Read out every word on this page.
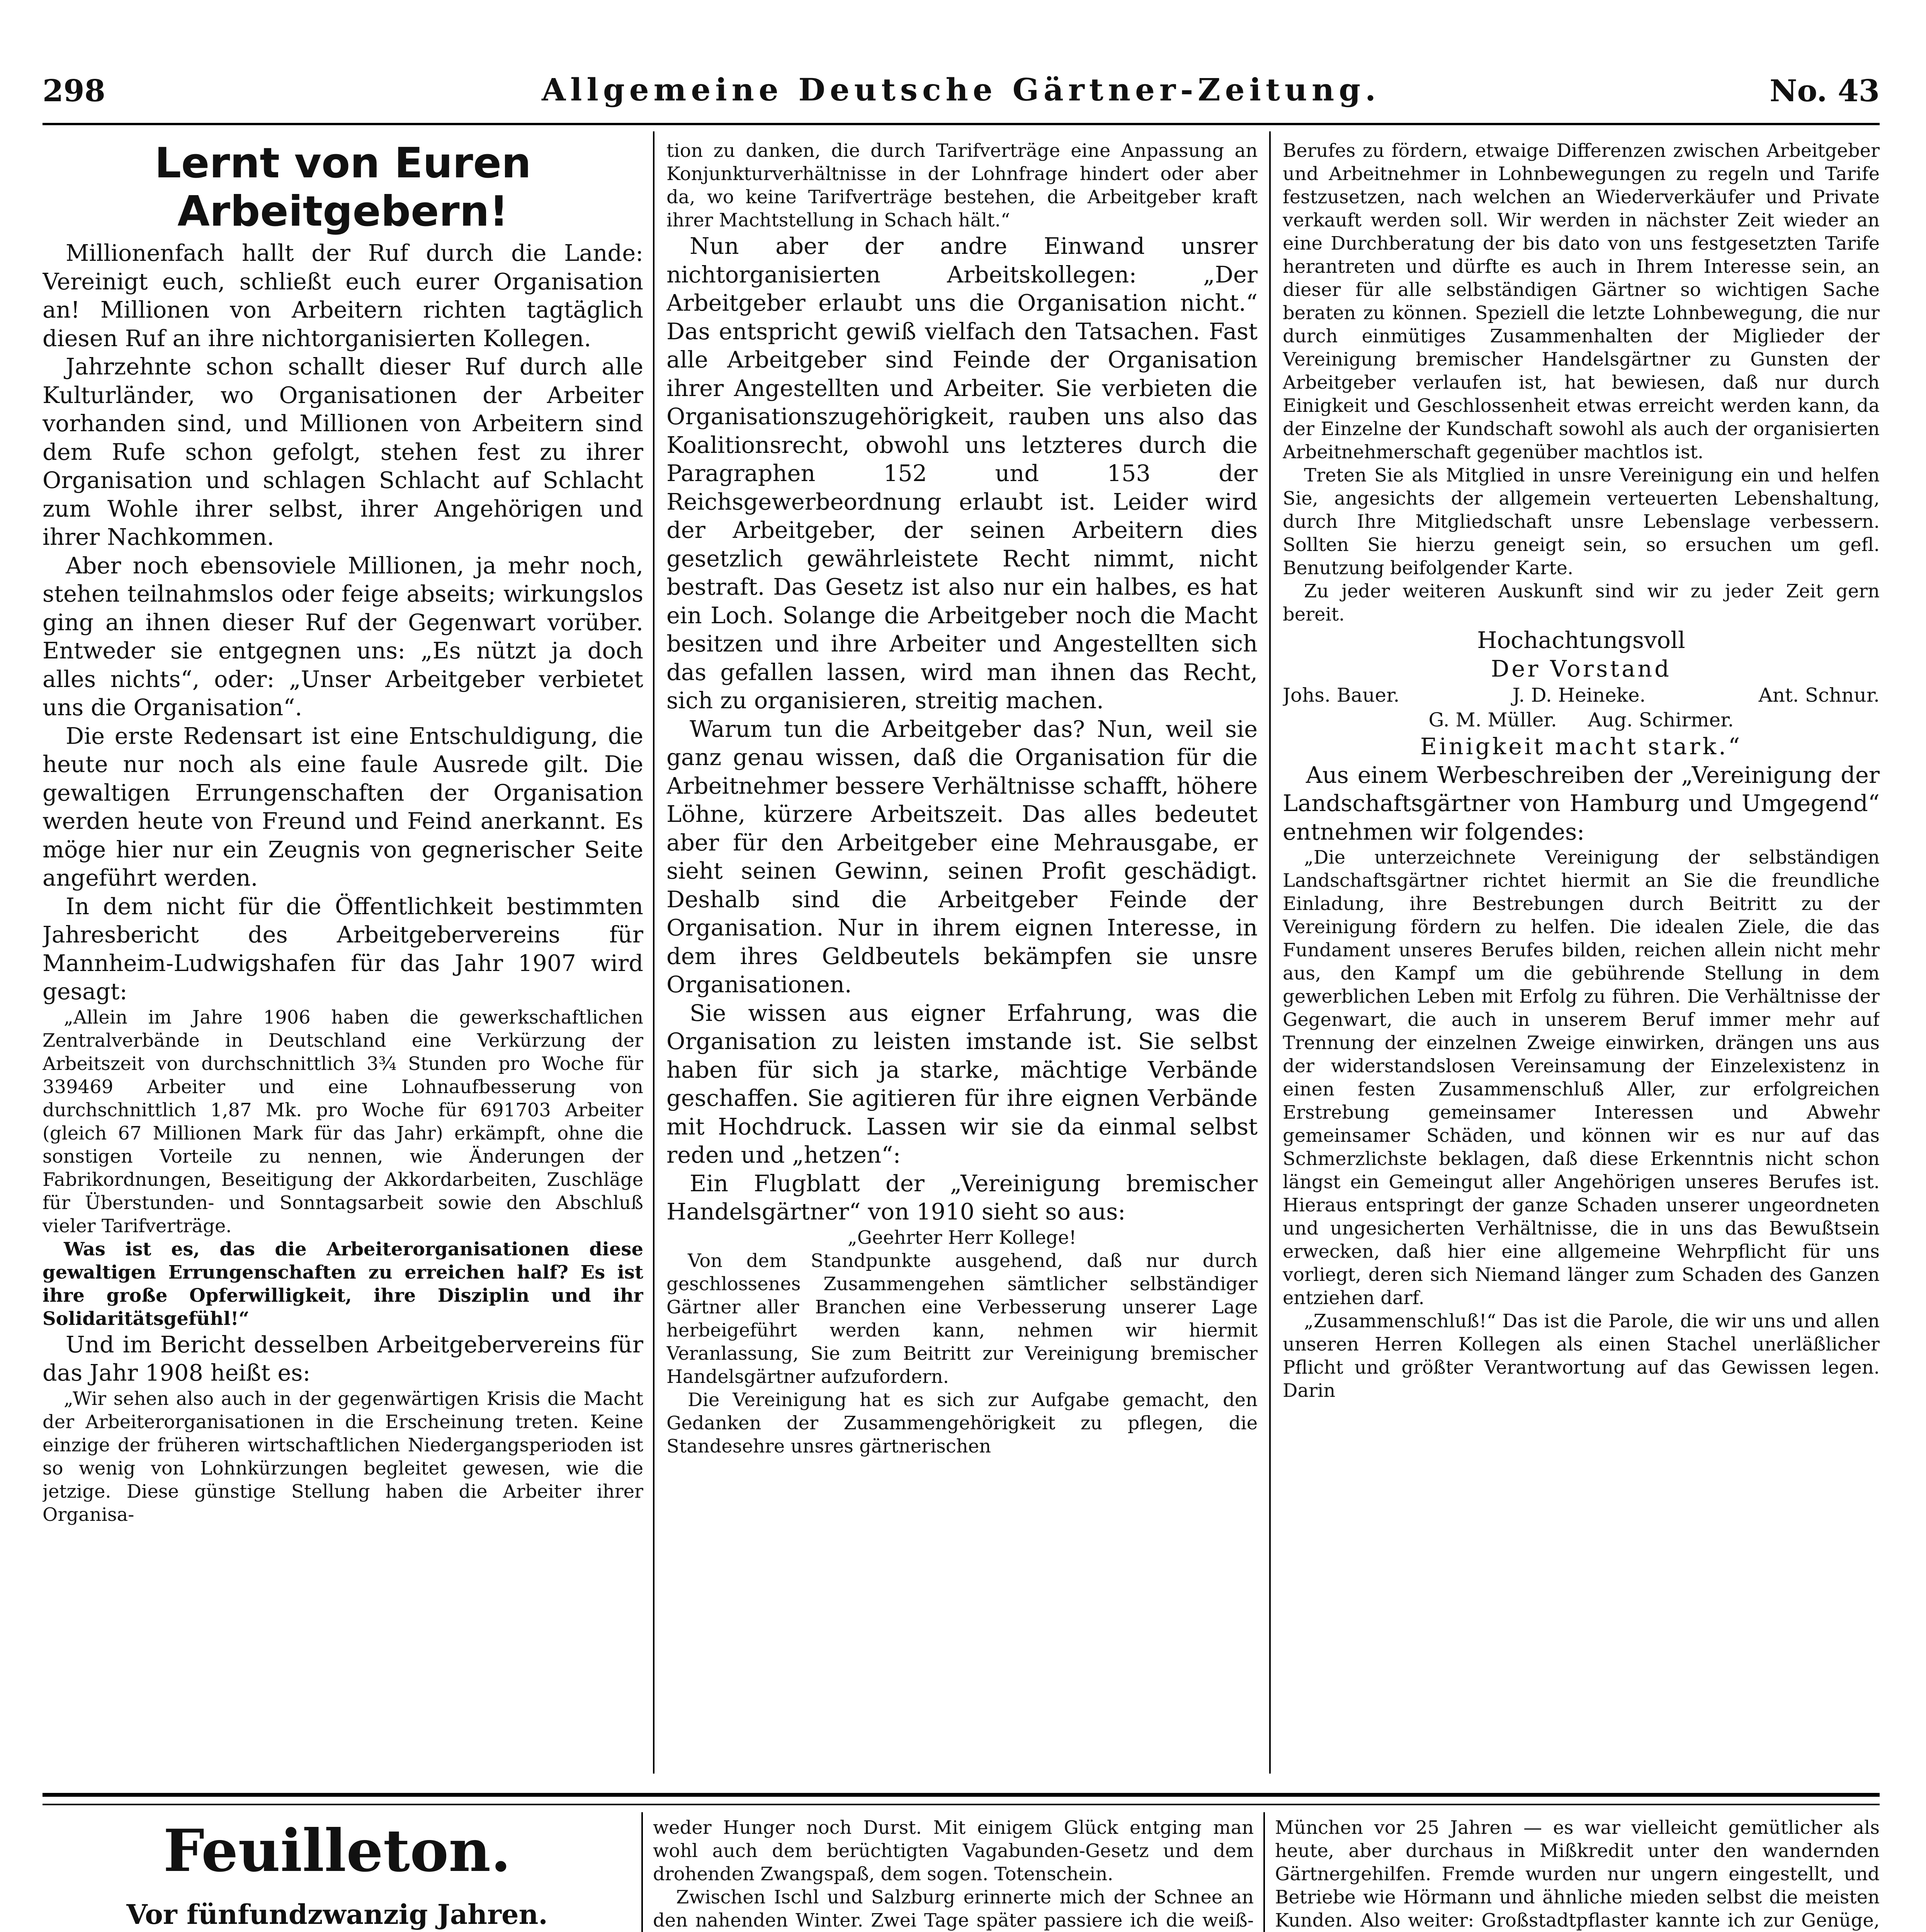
298	Allgemeine Deutsche Gärtner-Zeitung.	No. 43
Lernt von Euren Arbeitgebern!

Millionenfach hallt der Ruf durch die Lande: Vereinigt euch, schließt euch eurer Organisation an! Millionen von Arbeitern richten tagtäglich diesen Ruf an ihre nichtorganisierten Kollegen.

Jahrzehnte schon schallt dieser Ruf durch alle Kulturländer, wo Organisationen der Arbeiter vorhanden sind, und Millionen von Arbeitern sind dem Rufe schon gefolgt, stehen fest zu ihrer Organisation und schlagen Schlacht auf Schlacht zum Wohle ihrer selbst, ihrer Angehörigen und ihrer Nachkommen.

Aber noch ebensoviele Millionen, ja mehr noch, stehen teilnahmslos oder feige abseits; wirkungslos ging an ihnen dieser Ruf der Gegenwart vorüber. Entweder sie entgegnen uns: „Es nützt ja doch alles nichts“, oder: „Unser Arbeitgeber verbietet uns die Organisation“.

Die erste Redensart ist eine Entschuldigung, die heute nur noch als eine faule Ausrede gilt. Die gewaltigen Errungenschaften der Organisation werden heute von Freund und Feind anerkannt. Es möge hier nur ein Zeugnis von gegnerischer Seite angeführt werden.

In dem nicht für die Öffentlichkeit bestimmten Jahresbericht des Arbeitgebervereins für Mannheim-Ludwigshafen für das Jahr 1907 wird gesagt:

„Allein im Jahre 1906 haben die gewerkschaftlichen Zentralverbände in Deutschland eine Verkürzung der Arbeitszeit von durchschnittlich 3¾ Stunden pro Woche für 339469 Arbeiter und eine Lohnaufbesserung von durchschnittlich 1,87 Mk. pro Woche für 691703 Arbeiter (gleich 67 Millionen Mark für das Jahr) erkämpft, ohne die sonstigen Vorteile zu nennen, wie Änderungen der Fabrikordnungen, Beseitigung der Akkordarbeiten, Zuschläge für Überstunden- und Sonntagsarbeit sowie den Abschluß vieler Tarifverträge.

Was ist es, das die Arbeiterorganisationen diese gewaltigen Errungenschaften zu erreichen half? Es ist ihre große Opferwilligkeit, ihre Disziplin und ihr Solidaritätsgefühl!“

Und im Bericht desselben Arbeitgebervereins für das Jahr 1908 heißt es:

„Wir sehen also auch in der gegenwärtigen Krisis die Macht der Arbeiterorganisationen in die Erscheinung treten. Keine einzige der früheren wirtschaftlichen Niedergangsperioden ist so wenig von Lohnkürzungen begleitet gewesen, wie die jetzige. Diese günstige Stellung haben die Arbeiter ihrer Organisa-

tion zu danken, die durch Tarifverträge eine Anpassung an Konjunkturverhältnisse in der Lohnfrage hindert oder aber da, wo keine Tarifverträge bestehen, die Arbeitgeber kraft ihrer Machtstellung in Schach hält.“

Nun aber der andre Einwand unsrer nichtorganisierten Arbeitskollegen: „Der Arbeitgeber erlaubt uns die Organisation nicht.“ Das entspricht gewiß vielfach den Tatsachen. Fast alle Arbeitgeber sind Feinde der Organisation ihrer Angestellten und Arbeiter. Sie verbieten die Organisationszugehörigkeit, rauben uns also das Koalitionsrecht, obwohl uns letzteres durch die Paragraphen 152 und 153 der Reichsgewerbeordnung erlaubt ist. Leider wird der Arbeitgeber, der seinen Arbeitern dies gesetzlich gewährleistete Recht nimmt, nicht bestraft. Das Gesetz ist also nur ein halbes, es hat ein Loch. Solange die Arbeitgeber noch die Macht besitzen und ihre Arbeiter und Angestellten sich das gefallen lassen, wird man ihnen das Recht, sich zu organisieren, streitig machen.

Warum tun die Arbeitgeber das? Nun, weil sie ganz genau wissen, daß die Organisation für die Arbeitnehmer bessere Verhältnisse schafft, höhere Löhne, kürzere Arbeitszeit. Das alles bedeutet aber für den Arbeitgeber eine Mehrausgabe, er sieht seinen Gewinn, seinen Profit geschädigt. Deshalb sind die Arbeitgeber Feinde der Organisation. Nur in ihrem eignen Interesse, in dem ihres Geldbeutels bekämpfen sie unsre Organisationen.

Sie wissen aus eigner Erfahrung, was die Organisation zu leisten imstande ist. Sie selbst haben für sich ja starke, mächtige Verbände geschaffen. Sie agitieren für ihre eignen Verbände mit Hochdruck. Lassen wir sie da einmal selbst reden und „hetzen“:

Ein Flugblatt der „Vereinigung bremischer Handelsgärtner“ von 1910 sieht so aus:

„Geehrter Herr Kollege!

Von dem Standpunkte ausgehend, daß nur durch geschlossenes Zusammengehen sämtlicher selbständiger Gärtner aller Branchen eine Verbesserung unserer Lage herbeigeführt werden kann, nehmen wir hiermit Veranlassung, Sie zum Beitritt zur Vereinigung bremischer Handelsgärtner aufzufordern.

Die Vereinigung hat es sich zur Aufgabe gemacht, den Gedanken der Zusammengehörigkeit zu pflegen, die Standesehre unsres gärtnerischen

Berufes zu fördern, etwaige Differenzen zwischen Arbeitgeber und Arbeitnehmer in Lohnbewegungen zu regeln und Tarife festzusetzen, nach welchen an Wiederverkäufer und Private verkauft werden soll. Wir werden in nächster Zeit wieder an eine Durchberatung der bis dato von uns festgesetzten Tarife herantreten und dürfte es auch in Ihrem Interesse sein, an dieser für alle selbständigen Gärtner so wichtigen Sache beraten zu können. Speziell die letzte Lohnbewegung, die nur durch einmütiges Zusammenhalten der Miglieder der Vereinigung bremischer Handelsgärtner zu Gunsten der Arbeitgeber verlaufen ist, hat bewiesen, daß nur durch Einigkeit und Geschlossenheit etwas erreicht werden kann, da der Einzelne der Kundschaft sowohl als auch der organisierten Arbeitnehmerschaft gegenüber machtlos ist.

Treten Sie als Mitglied in unsre Vereinigung ein und helfen Sie, angesichts der allgemein verteuerten Lebenshaltung, durch Ihre Mitgliedschaft unsre Lebenslage verbessern. Sollten Sie hierzu geneigt sein, so ersuchen um gefl. Benutzung beifolgender Karte.

Zu jeder weiteren Auskunft sind wir zu jeder Zeit gern bereit.

Hochachtungsvoll

Der Vorstand

Johs. Bauer.	J. D. Heineke.	Ant. Schnur.
G. M. Müller. Aug. Schirmer.

Einigkeit macht stark.“

Aus einem Werbeschreiben der „Vereinigung der Landschaftsgärtner von Hamburg und Umgegend“ entnehmen wir folgendes:

„Die unterzeichnete Vereinigung der selbständigen Landschaftsgärtner richtet hiermit an Sie die freundliche Einladung, ihre Bestrebungen durch Beitritt zu der Vereinigung fördern zu helfen. Die idealen Ziele, die das Fundament unseres Berufes bilden, reichen allein nicht mehr aus, den Kampf um die gebührende Stellung in dem gewerblichen Leben mit Erfolg zu führen. Die Verhältnisse der Gegenwart, die auch in unserem Beruf immer mehr auf Trennung der einzelnen Zweige einwirken, drängen uns aus der widerstandslosen Vereinsamung der Einzelexistenz in einen festen Zusammenschluß Aller, zur erfolgreichen Erstrebung gemeinsamer Interessen und Abwehr gemeinsamer Schäden, und können wir es nur auf das Schmerzlichste beklagen, daß diese Erkenntnis nicht schon längst ein Gemeingut aller Angehörigen unseres Berufes ist. Hieraus entspringt der ganze Schaden unserer ungeordneten und ungesicherten Verhältnisse, die in uns das Bewußtsein erwecken, daß hier eine allgemeine Wehrpflicht für uns vorliegt, deren sich Niemand länger zum Schaden des Ganzen entziehen darf.

„Zusammenschluß!“ Das ist die Parole, die wir uns und allen unseren Herren Kollegen als einen Stachel unerläßlicher Pflicht und größter Verantwortung auf das Gewissen legen. Darin

Feuilleton.
Vor fünfundzwanzig Jahren.

weder Hunger noch Durst. Mit einigem Glück entging man wohl auch dem berüchtigten Vagabunden-Gesetz und dem drohenden Zwangspaß, dem sogen. Totenschein.

Zwischen Ischl und Salzburg erinnerte mich der Schnee an den nahenden Winter. Zwei Tage später passiere ich die weiß-

München vor 25 Jahren — es war vielleicht gemütlicher als heute, aber durchaus in Mißkredit unter den wandernden Gärtnergehilfen. Fremde wurden nur ungern eingestellt, und Betriebe wie Hörmann und ähnliche mieden selbst die meisten Kunden. Also weiter: Großstadtpflaster kannte ich zur Genüge,
